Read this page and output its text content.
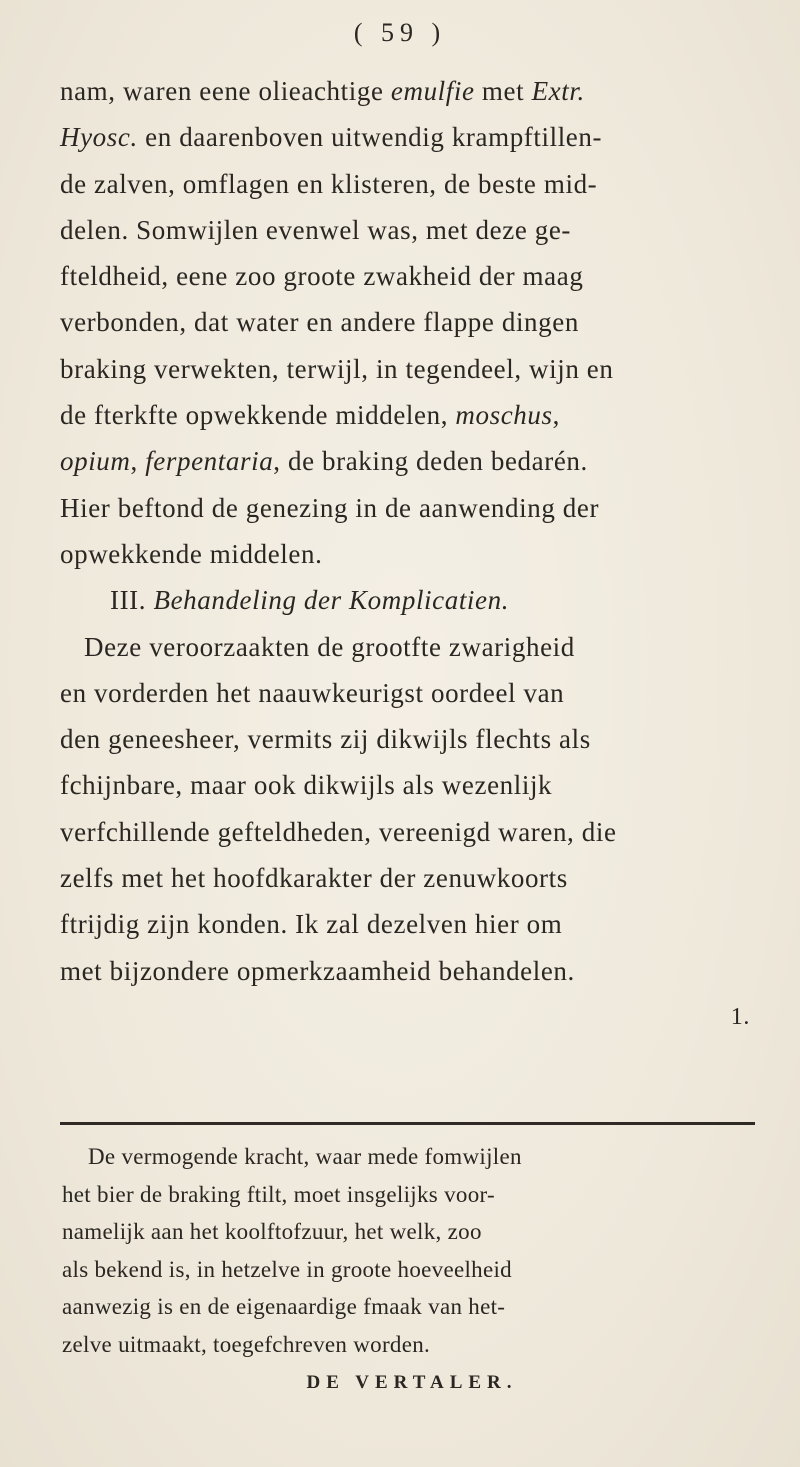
( 59 )
nam, waren eene olieachtige emulfie met Extr.
Hyosc. en daarenboven uitwendig krampftillen-
de zalven, omflagen en klisteren, de beste mid-
delen. Somwijlen evenwel was, met deze ge-
fteldheid, eene zoo groote zwakheid der maag
verbonden, dat water en andere flappe dingen
braking verwekten, terwijl, in tegendeel, wijn en
de fterkfte opwekkende middelen, moschus,
opium, ferpentaria, de braking deden bedarén.
Hier beftond de genezing in de aanwending der
opwekkende middelen.
III. Behandeling der Komplicatien.
Deze veroorzaakten de grootfte zwarigheid
en vorderden het naauwkeurigst oordeel van
den geneesheer, vermits zij dikwijls flechts als
fchijnbare, maar ook dikwijls als wezenlijk
verfchillende gefteldheden, vereenigd waren, die
zelfs met het hoofdkarakter der zenuwkoorts
ftrijdig zijn konden. Ik zal dezelven hier om
met bijzondere opmerkzaamheid behandelen.
1.
De vermogende kracht, waar mede fomwijlen
het bier de braking ftilt, moet insgelijks voor-
namelijk aan het koolftofzuur, het welk, zoo
als bekend is, in hetzelve in groote hoeveelheid
aanwezig is en de eigenaardige fmaak van het-
zelve uitmaakt, toegefchreven worden.
DE VERTALER.
